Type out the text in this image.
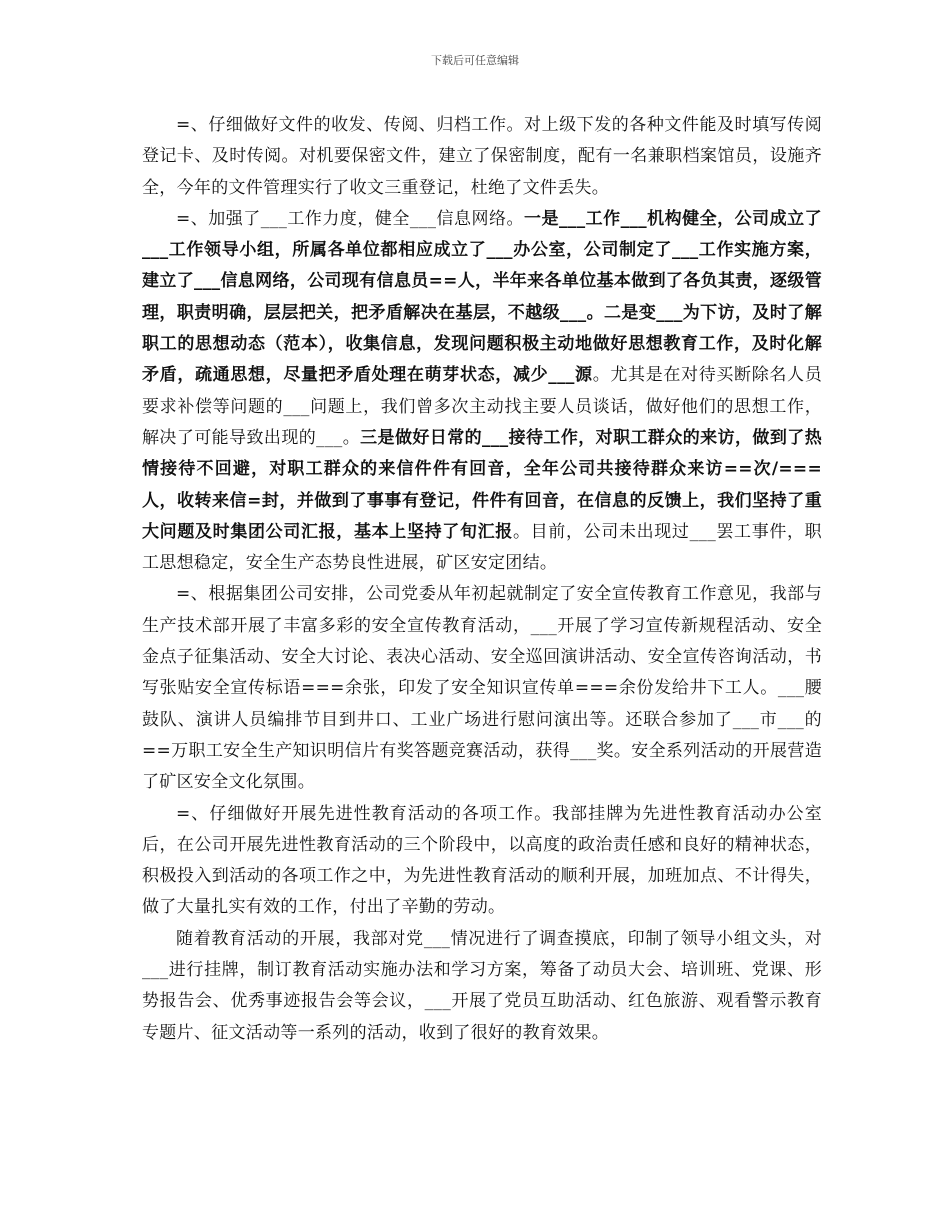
下载后可任意编辑

=、仔细做好文件的收发、传阅、归档工作。对上级下发的各种文件能及时填写传阅登记卡、及时传阅。对机要保密文件，建立了保密制度，配有一名兼职档案馆员，设施齐全，今年的文件管理实行了收文三重登记，杜绝了文件丢失。

=、加强了___工作力度，健全___信息网络。一是___工作___机构健全，公司成立了___工作领导小组，所属各单位都相应成立了___办公室，公司制定了___工作实施方案，建立了___信息网络，公司现有信息员==人，半年来各单位基本做到了各负其责，逐级管理，职责明确，层层把关，把矛盾解决在基层，不越级___。二是变___为下访，及时了解职工的思想动态（范本），收集信息，发现问题积极主动地做好思想教育工作，及时化解矛盾，疏通思想，尽量把矛盾处理在萌芽状态，减少___源。尤其是在对待买断除名人员要求补偿等问题的___问题上，我们曾多次主动找主要人员谈话，做好他们的思想工作，解决了可能导致出现的___。三是做好日常的___接待工作，对职工群众的来访，做到了热情接待不回避，对职工群众的来信件件有回音，全年公司共接待群众来访==次/===人，收转来信=封，并做到了事事有登记，件件有回音，在信息的反馈上，我们坚持了重大问题及时集团公司汇报，基本上坚持了旬汇报。目前，公司未出现过___罢工事件，职工思想稳定，安全生产态势良性进展，矿区安定团结。

=、根据集团公司安排，公司党委从年初起就制定了安全宣传教育工作意见，我部与生产技术部开展了丰富多彩的安全宣传教育活动，___开展了学习宣传新规程活动、安全金点子征集活动、安全大讨论、表决心活动、安全巡回演讲活动、安全宣传咨询活动，书写张贴安全宣传标语===余张，印发了安全知识宣传单===余份发给井下工人。___腰鼓队、演讲人员编排节目到井口、工业广场进行慰问演出等。还联合参加了___市___的==万职工安全生产知识明信片有奖答题竞赛活动，获得___奖。安全系列活动的开展营造了矿区安全文化氛围。

=、仔细做好开展先进性教育活动的各项工作。我部挂牌为先进性教育活动办公室后，在公司开展先进性教育活动的三个阶段中，以高度的政治责任感和良好的精神状态，积极投入到活动的各项工作之中，为先进性教育活动的顺利开展，加班加点、不计得失，做了大量扎实有效的工作，付出了辛勤的劳动。

随着教育活动的开展，我部对党___情况进行了调查摸底，印制了领导小组文头，对___进行挂牌，制订教育活动实施办法和学习方案，筹备了动员大会、培训班、党课、形势报告会、优秀事迹报告会等会议，___开展了党员互助活动、红色旅游、观看警示教育专题片、征文活动等一系列的活动，收到了很好的教育效果。
